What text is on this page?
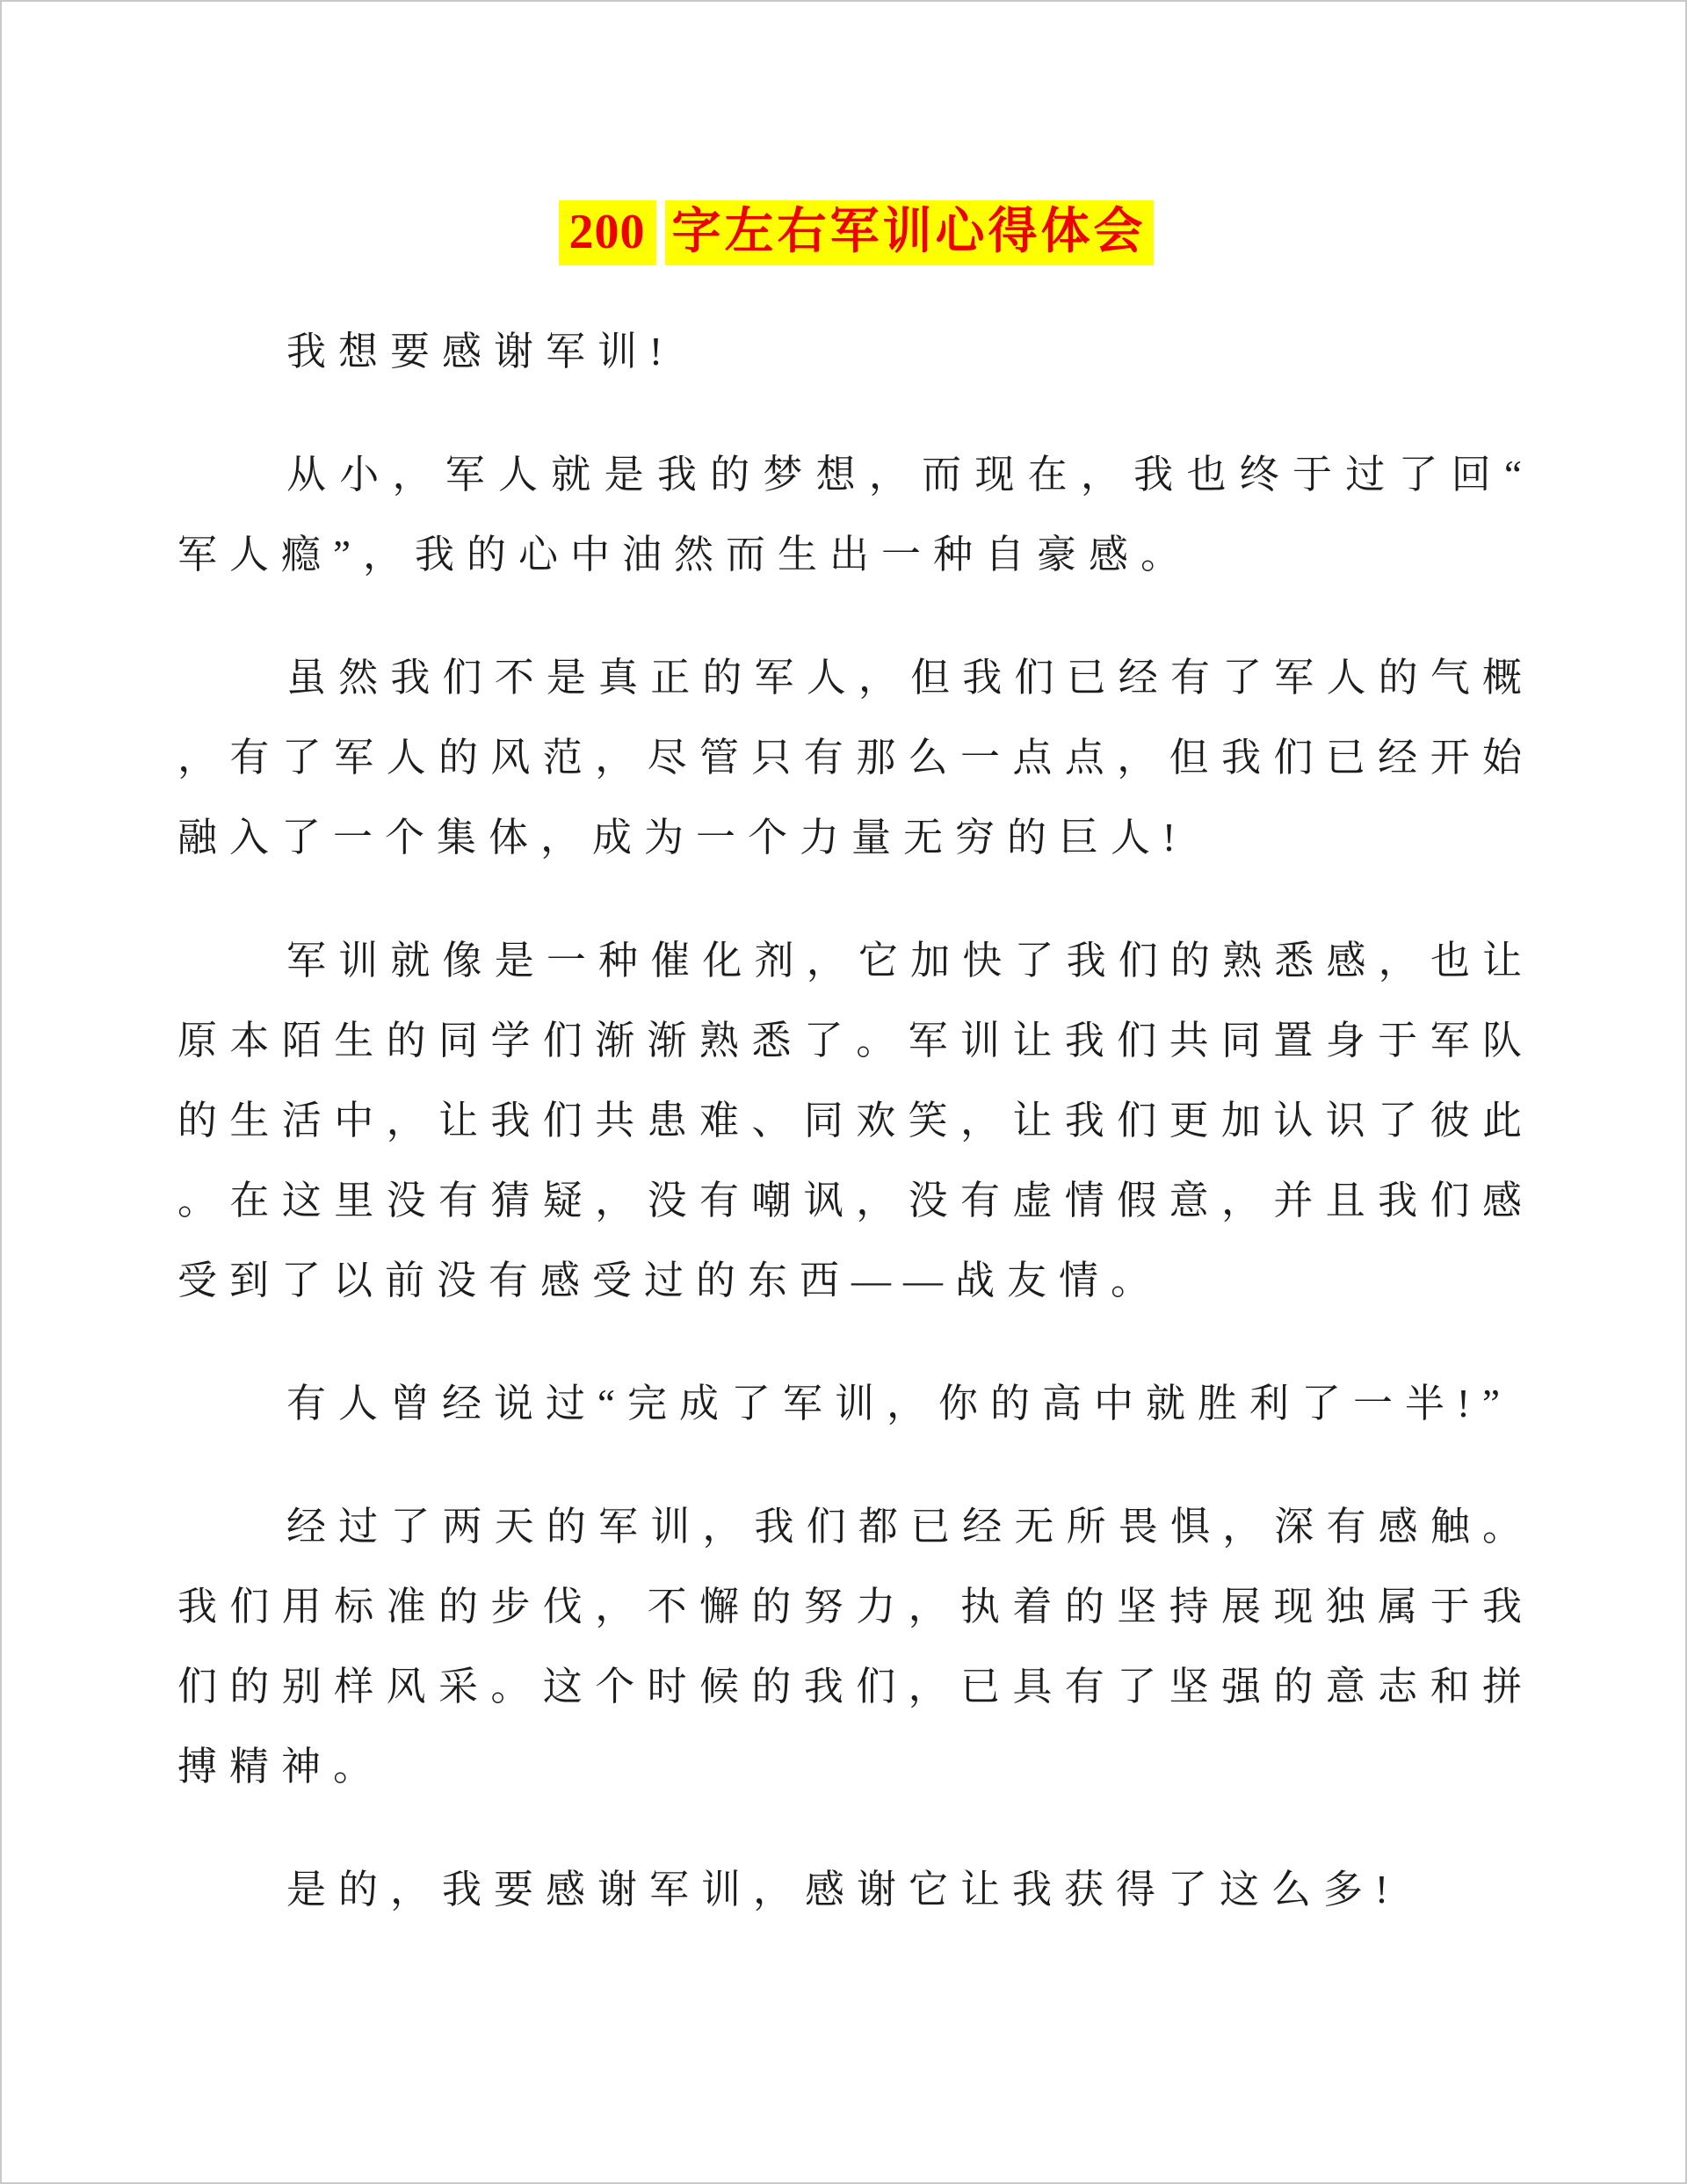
200 字左右军训心得体会

我想要感谢军训!

从小，军人就是我的梦想，而现在，我也终于过了回“军人瘾”，我的心中油然而生出一种自豪感。

虽然我们不是真正的军人，但我们已经有了军人的气概，有了军人的风范，尽管只有那么一点点，但我们已经开始融入了一个集体，成为一个力量无穷的巨人!

军训就像是一种催化剂，它加快了我们的熟悉感，也让原本陌生的同学们渐渐熟悉了。军训让我们共同置身于军队的生活中，让我们共患难、同欢笑，让我们更加认识了彼此。在这里没有猜疑，没有嘲讽，没有虚情假意，并且我们感受到了以前没有感受过的东西——战友情。

有人曾经说过“完成了军训，你的高中就胜利了一半!”

经过了两天的军训，我们都已经无所畏惧，深有感触。我们用标准的步伐，不懈的努力，执着的坚持展现独属于我们的别样风采。这个时候的我们，已具有了坚强的意志和拼搏精神。

是的，我要感谢军训，感谢它让我获得了这么多!
